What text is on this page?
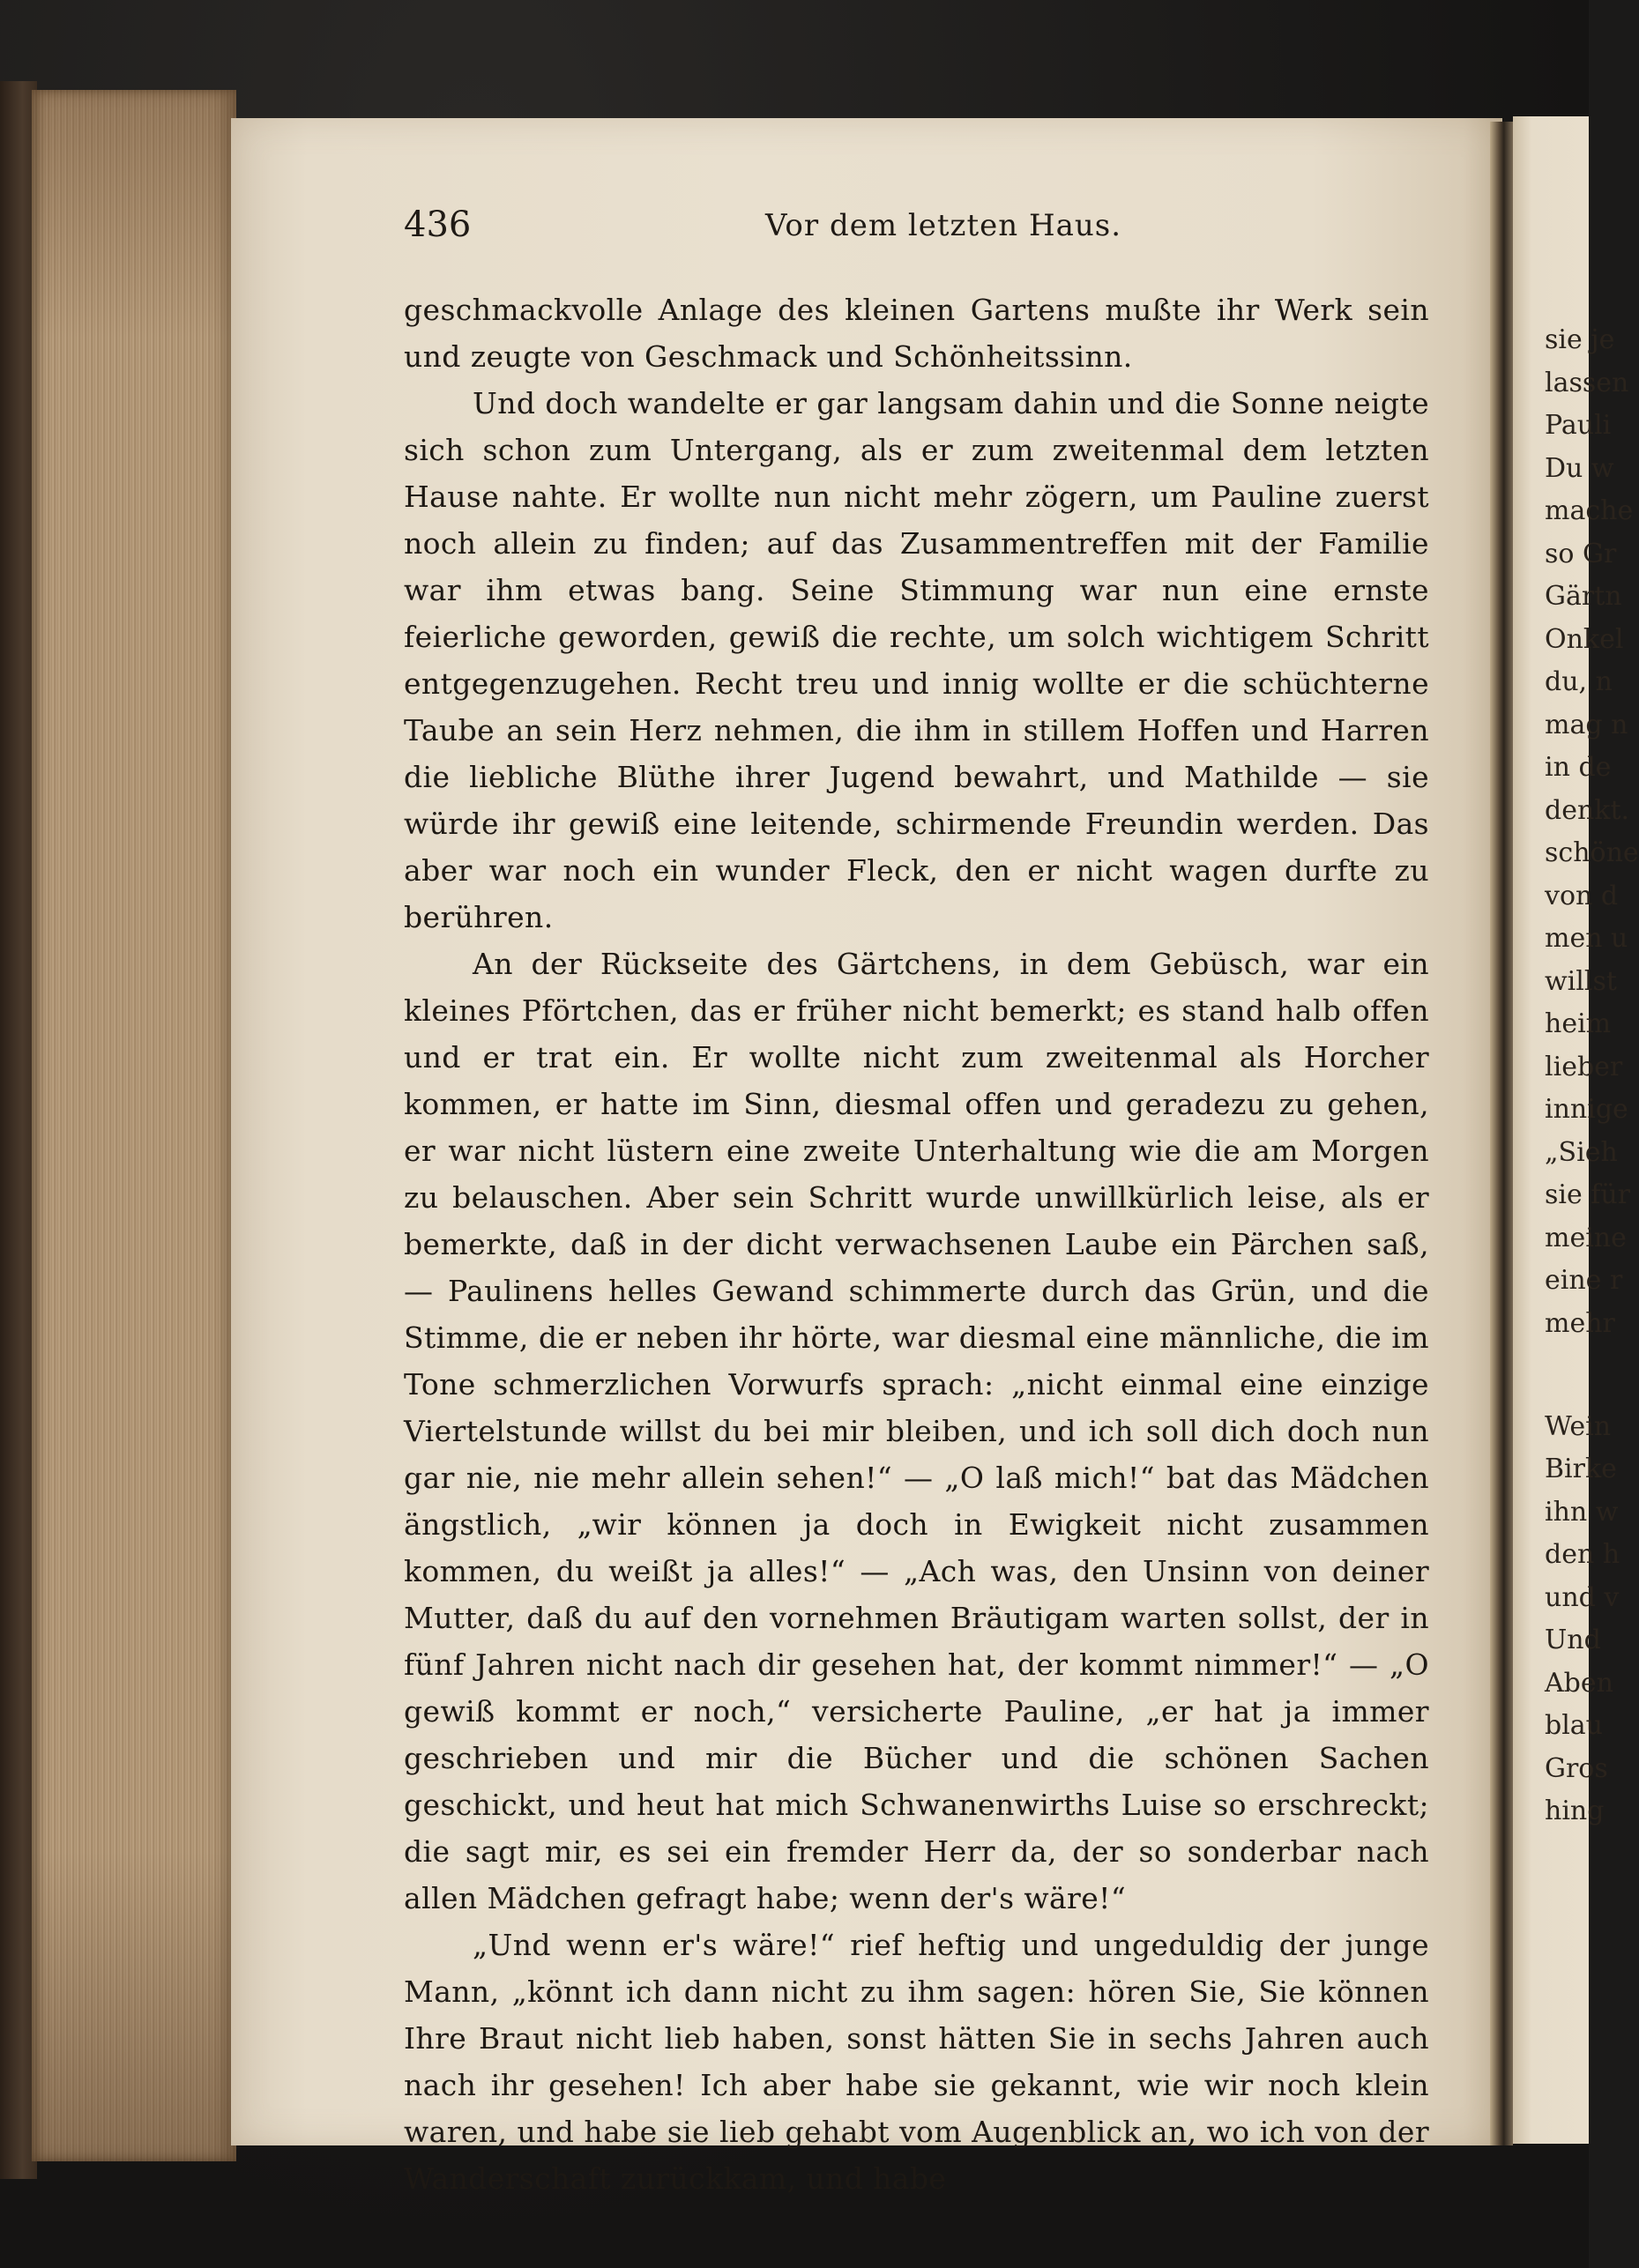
sie je
lassen
Pauli
Du w
mache
so Gr
Gärtn
Onkel
du, n
mag n
in de
denkt.
schöne
von d
men u
willst
heim
lieber
innige
„Sieh
sie für
meine
eine r
mehr
Wein
Birke
ihn w
den h
und v
Und
Aben
blau
Gros
hing
436	Vor dem letzten Haus.

geschmackvolle Anlage des kleinen Gartens mußte ihr Werk sein und zeugte von Geschmack und Schönheitssinn.

Und doch wandelte er gar langsam dahin und die Sonne neigte sich schon zum Untergang, als er zum zweitenmal dem letzten Hause nahte. Er wollte nun nicht mehr zögern, um Pauline zuerst noch allein zu finden; auf das Zusammentreffen mit der Familie war ihm etwas bang. Seine Stimmung war nun eine ernste feierliche geworden, gewiß die rechte, um solch wichtigem Schritt entgegenzugehen. Recht treu und innig wollte er die schüchterne Taube an sein Herz nehmen, die ihm in stillem Hoffen und Harren die liebliche Blüthe ihrer Jugend bewahrt, und Mathilde — sie würde ihr gewiß eine leitende, schirmende Freundin werden. Das aber war noch ein wunder Fleck, den er nicht wagen durfte zu berühren.

An der Rückseite des Gärtchens, in dem Gebüsch, war ein kleines Pförtchen, das er früher nicht bemerkt; es stand halb offen und er trat ein. Er wollte nicht zum zweitenmal als Horcher kommen, er hatte im Sinn, diesmal offen und geradezu zu gehen, er war nicht lüstern eine zweite Unterhaltung wie die am Morgen zu belauschen. Aber sein Schritt wurde unwillkürlich leise, als er bemerkte, daß in der dicht verwachsenen Laube ein Pärchen saß, — Paulinens helles Gewand schimmerte durch das Grün, und die Stimme, die er neben ihr hörte, war diesmal eine männliche, die im Tone schmerzlichen Vorwurfs sprach: „nicht einmal eine einzige Viertelstunde willst du bei mir bleiben, und ich soll dich doch nun gar nie, nie mehr allein sehen!“ — „O laß mich!“ bat das Mädchen ängstlich, „wir können ja doch in Ewigkeit nicht zusammen kommen, du weißt ja alles!“ — „Ach was, den Unsinn von deiner Mutter, daß du auf den vornehmen Bräutigam warten sollst, der in fünf Jahren nicht nach dir gesehen hat, der kommt nimmer!“ — „O gewiß kommt er noch,“ versicherte Pauline, „er hat ja immer geschrieben und mir die Bücher und die schönen Sachen geschickt, und heut hat mich Schwanenwirths Luise so erschreckt; die sagt mir, es sei ein fremder Herr da, der so sonderbar nach allen Mädchen gefragt habe; wenn der's wäre!“

„Und wenn er's wäre!“ rief heftig und ungeduldig der junge Mann, „könnt ich dann nicht zu ihm sagen: hören Sie, Sie können Ihre Braut nicht lieb haben, sonst hätten Sie in sechs Jahren auch nach ihr gesehen! Ich aber habe sie gekannt, wie wir noch klein waren, und habe sie lieb gehabt vom Augenblick an, wo ich von der Wanderschaft zurückkam, und habe
